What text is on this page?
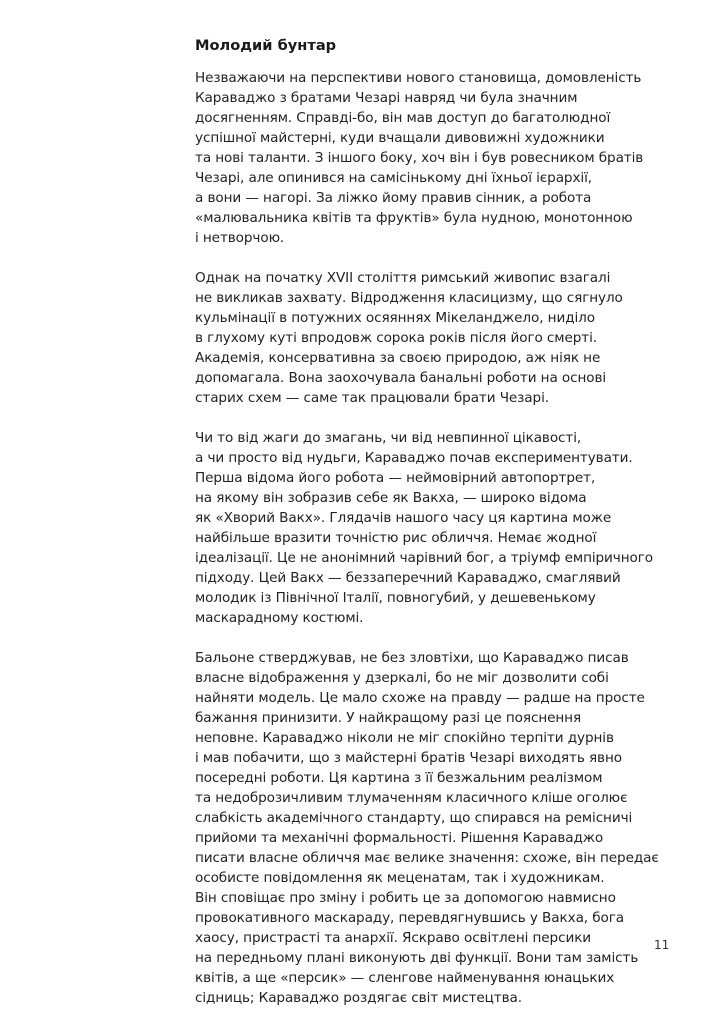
Молодий бунтар

Незважаючи на перспективи нового становища, домовленість
Караваджо з братами Чезарі навряд чи була значним
досягненням. Справді-бо, він мав доступ до багатолюдної
успішної майстерні, куди вчащали дивовижні художники
та нові таланти. З іншого боку, хоч він і був ровесником братів
Чезарі, але опинився на самісінькому дні їхньої ієрархії,
а вони — нагорі. За ліжко йому правив сінник, а робота
«малювальника квітів та фруктів» була нудною, монотонною
і нетворчою.

Однак на початку XVII століття римський живопис взагалі
не викликав захвату. Відродження класицизму, що сягнуло
кульмінації в потужних осяяннях Мікеланджело, ниділо
в глухому куті впродовж сорока років після його смерті.
Академія, консервативна за своєю природою, аж ніяк не
допомагала. Вона заохочувала банальні роботи на основі
старих схем — саме так працювали брати Чезарі.

Чи то від жаги до змагань, чи від невпинної цікавості,
а чи просто від нудьги, Караваджо почав експериментувати.
Перша відома його робота — неймовірний автопортрет,
на якому він зобразив себе як Вакха, — широко відома
як «Хворий Вакх». Глядачів нашого часу ця картина може
найбільше вразити точністю рис обличчя. Немає жодної
ідеалізації. Це не анонімний чарівний бог, а тріумф емпіричного
підходу. Цей Вакх — беззаперечний Караваджо, смаглявий
молодик із Північної Італії, повногубий, у дешевенькому
маскарадному костюмі.

Бальоне стверджував, не без зловтіхи, що Караваджо писав
власне відображення у дзеркалі, бо не міг дозволити собі
найняти модель. Це мало схоже на правду — радше на просте
бажання принизити. У найкращому разі це пояснення
неповне. Караваджо ніколи не міг спокійно терпіти дурнів
і мав побачити, що з майстерні братів Чезарі виходять явно
посередні роботи. Ця картина з її безжальним реалізмом
та недоброзичливим тлумаченням класичного кліше оголює
слабкість академічного стандарту, що спирався на ремісничі
прийоми та механічні формальності. Рішення Караваджо
писати власне обличчя має велике значення: схоже, він передає
особисте повідомлення як меценатам, так і художникам.
Він сповіщає про зміну і робить це за допомогою навмисно
провокативного маскараду, перевдягнувшись у Вакха, бога
хаосу, пристрасті та анархії. Яскраво освітлені персики
на передньому плані виконують дві функції. Вони там замість
квітів, а ще «персик» — сленгове найменування юнацьких
сідниць; Караваджо роздягає світ мистецтва.

11
